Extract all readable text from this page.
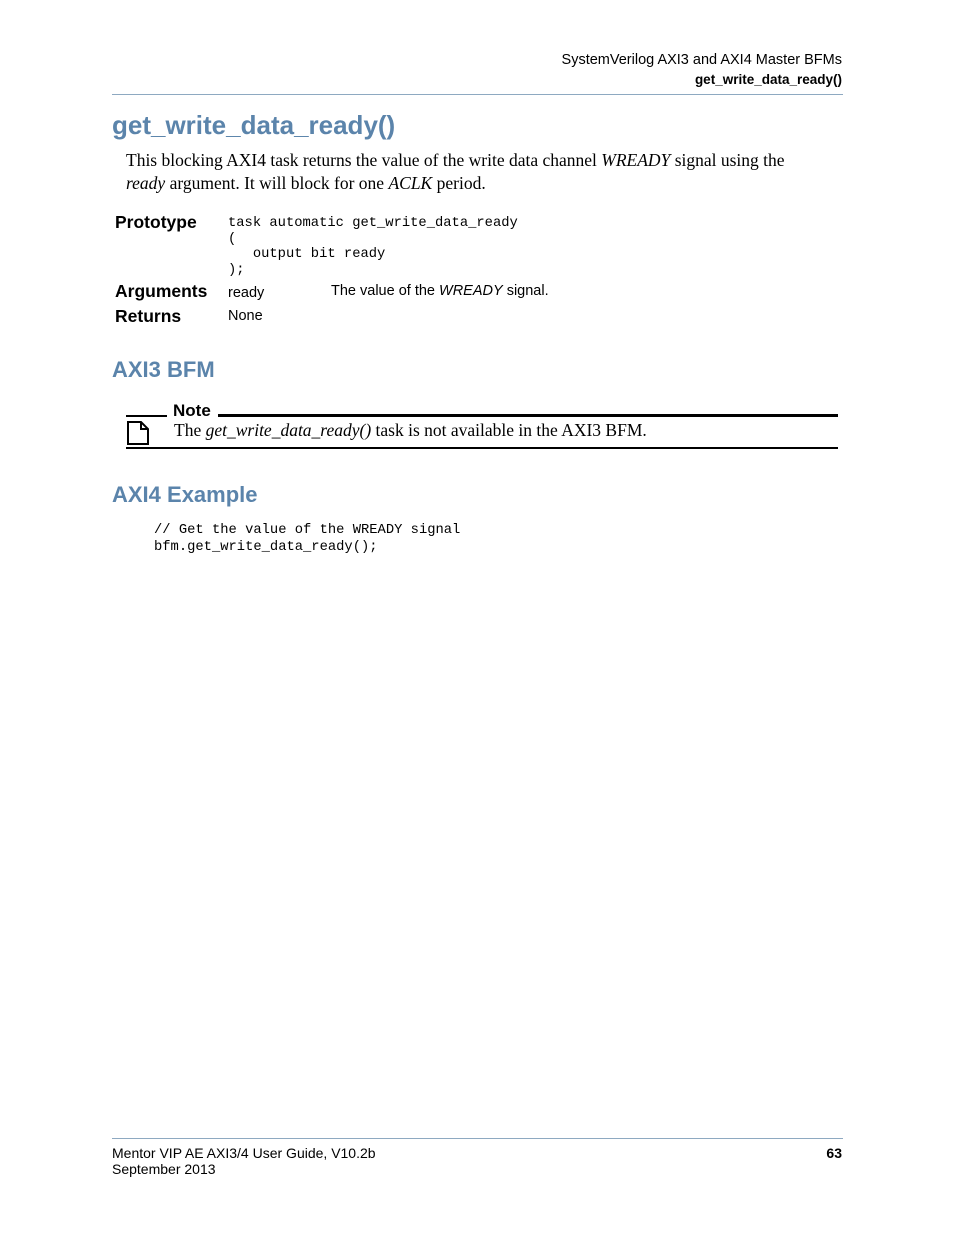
SystemVerilog AXI3 and AXI4 Master BFMs
get_write_data_ready()
get_write_data_ready()
This blocking AXI4 task returns the value of the write data channel WREADY signal using the
ready argument. It will block for one ACLK period.
Prototype task automatic get_write_data_ready
(
output bit ready
);
Arguments ready	The value of the WREADY signal.
Returns	None
AXI3 BFM
Note
The get_write_data_ready() task is not available in the AXI3 BFM.
AXI4 Example
// Get the value of the WREADY signal
bfm.get_write_data_ready();
Mentor VIP AE AXI3/4 User Guide, V10.2b
September 2013
63
